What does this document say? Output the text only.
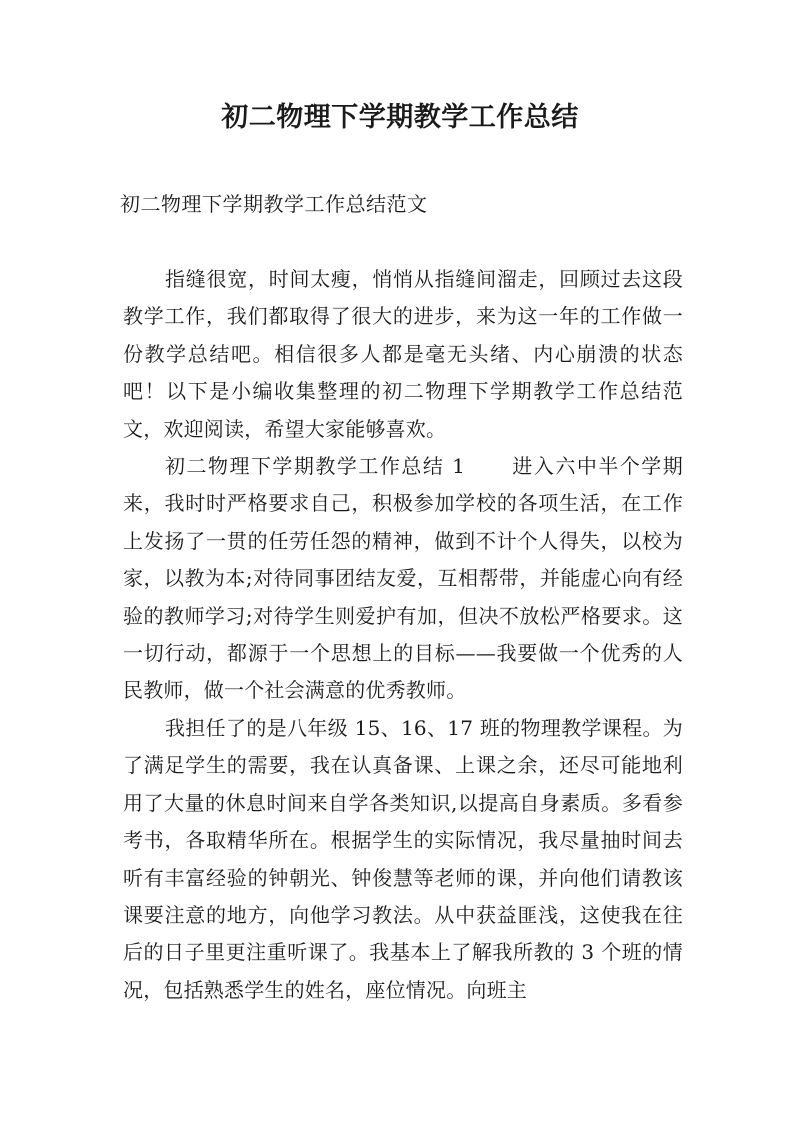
初二物理下学期教学工作总结
初二物理下学期教学工作总结范文

指缝很宽，时间太瘦，悄悄从指缝间溜走，回顾过去这段教学工作，我们都取得了很大的进步，来为这一年的工作做一份教学总结吧。相信很多人都是毫无头绪、内心崩溃的状态吧！以下是小编收集整理的初二物理下学期教学工作总结范文，欢迎阅读，希望大家能够喜欢。

初二物理下学期教学工作总结 1 进入六中半个学期来，我时时严格要求自己，积极参加学校的各项生活，在工作上发扬了一贯的任劳任怨的精神，做到不计个人得失，以校为家，以教为本;对待同事团结友爱，互相帮带，并能虚心向有经验的教师学习;对待学生则爱护有加，但决不放松严格要求。这一切行动，都源于一个思想上的目标——我要做一个优秀的人民教师，做一个社会满意的优秀教师。

我担任了的是八年级 15、16、17 班的物理教学课程。为了满足学生的需要，我在认真备课、上课之余，还尽可能地利用了大量的休息时间来自学各类知识,以提高自身素质。多看参考书，各取精华所在。根据学生的实际情况，我尽量抽时间去听有丰富经验的钟朝光、钟俊慧等老师的课，并向他们请教该课要注意的地方，向他学习教法。从中获益匪浅，这使我在往后的日子里更注重听课了。我基本上了解我所教的 3 个班的情况，包括熟悉学生的姓名，座位情况。向班主
